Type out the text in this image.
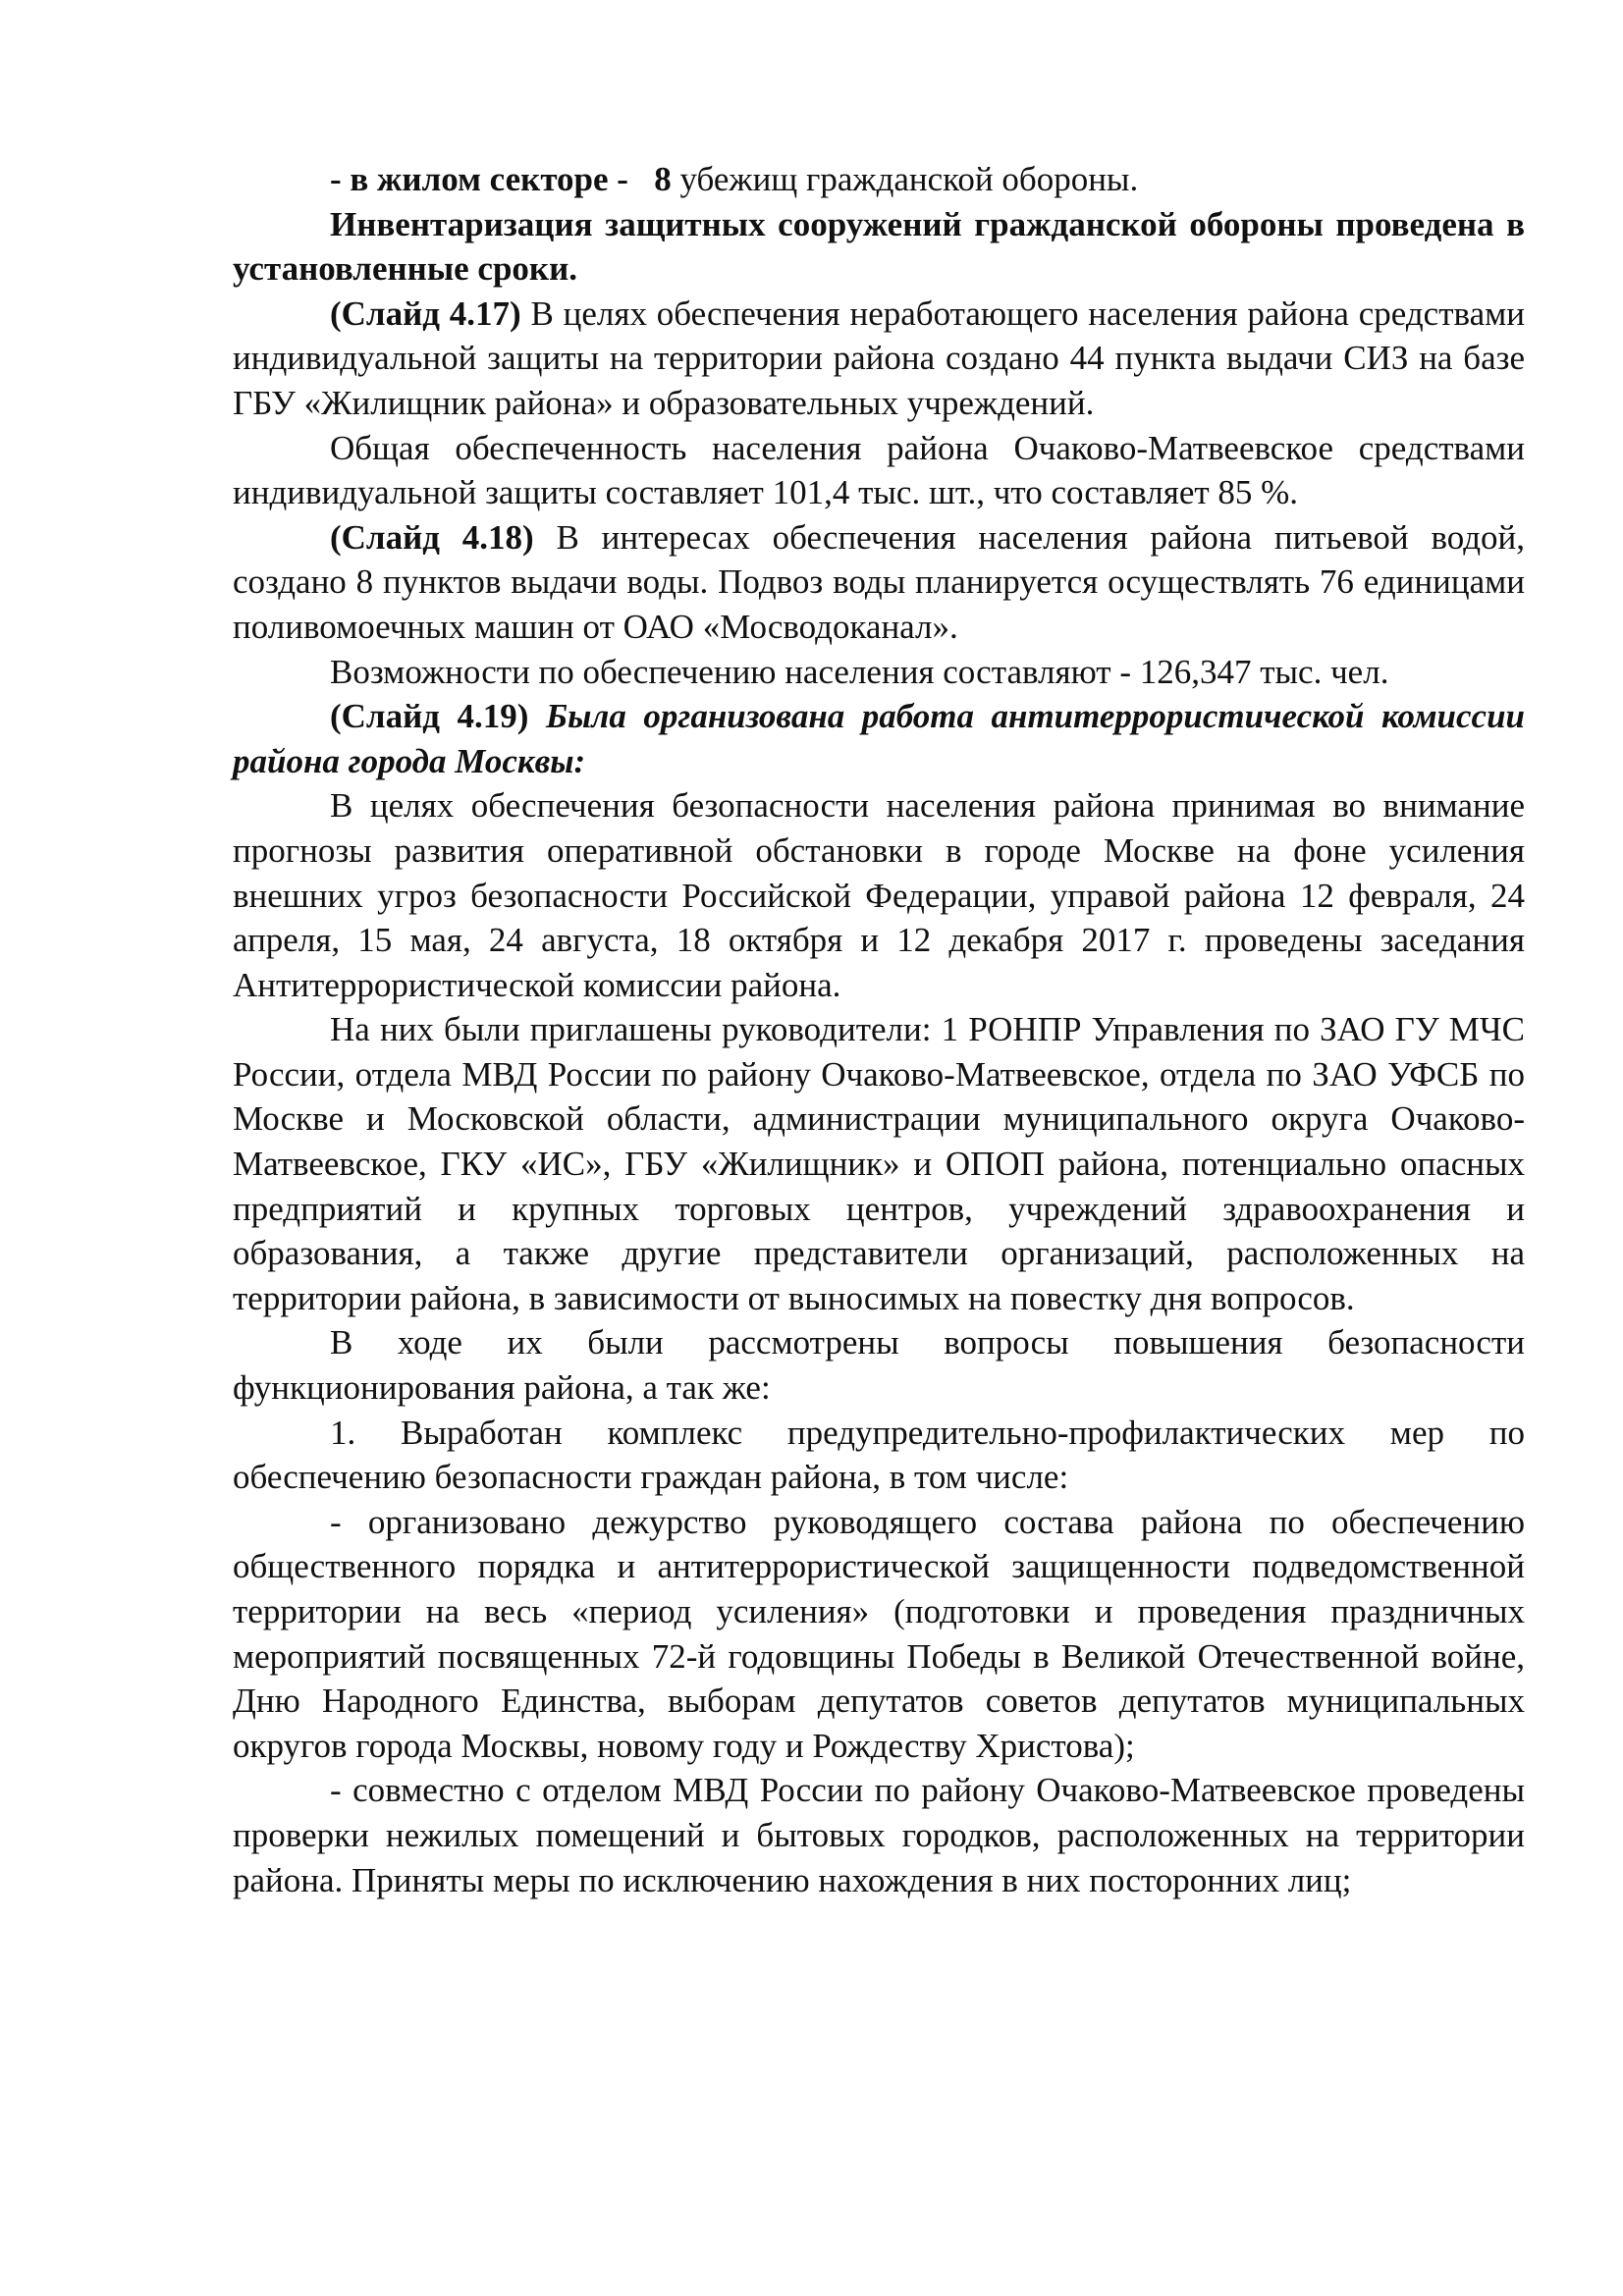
- в жилом секторе - 8 убежищ гражданской обороны.

Инвентаризация защитных сооружений гражданской обороны проведена в установленные сроки.

(Слайд 4.17) В целях обеспечения неработающего населения района средствами индивидуальной защиты на территории района создано 44 пункта выдачи СИЗ на базе ГБУ «Жилищник района» и образовательных учреждений.

Общая обеспеченность населения района Очаково-Матвеевское средствами индивидуальной защиты составляет 101,4 тыс. шт., что составляет 85 %.

(Слайд 4.18) В интересах обеспечения населения района питьевой водой, создано 8 пунктов выдачи воды. Подвоз воды планируется осуществлять 76 единицами поливомоечных машин от ОАО «Мосводоканал».

Возможности по обеспечению населения составляют - 126,347 тыс. чел.

(Слайд 4.19) Была организована работа антитеррористической комиссии района города Москвы:

В целях обеспечения безопасности населения района принимая во внимание прогнозы развития оперативной обстановки в городе Москве на фоне усиления внешних угроз безопасности Российской Федерации, управой района 12 февраля, 24 апреля, 15 мая, 24 августа, 18 октября и 12 декабря 2017 г. проведены заседания Антитеррористической комиссии района.

На них были приглашены руководители: 1 РОНПР Управления по ЗАО ГУ МЧС России, отдела МВД России по району Очаково-Матвеевское, отдела по ЗАО УФСБ по Москве и Московской области, администрации муниципального округа Очаково-Матвеевское, ГКУ «ИС», ГБУ «Жилищник» и ОПОП района, потенциально опасных предприятий и крупных торговых центров, учреждений здравоохранения и образования, а также другие представители организаций, расположенных на территории района, в зависимости от выносимых на повестку дня вопросов.

В ходе их были рассмотрены вопросы повышения безопасности функционирования района, а так же:

1. Выработан комплекс предупредительно-профилактических мер по обеспечению безопасности граждан района, в том числе:

- организовано дежурство руководящего состава района по обеспечению общественного порядка и антитеррористической защищенности подведомственной территории на весь «период усиления» (подготовки и проведения праздничных мероприятий посвященных 72-й годовщины Победы в Великой Отечественной войне, Дню Народного Единства, выборам депутатов советов депутатов муниципальных округов города Москвы, новому году и Рождеству Христова);

- совместно с отделом МВД России по району Очаково-Матвеевское проведены проверки нежилых помещений и бытовых городков, расположенных на территории района. Приняты меры по исключению нахождения в них посторонних лиц;
